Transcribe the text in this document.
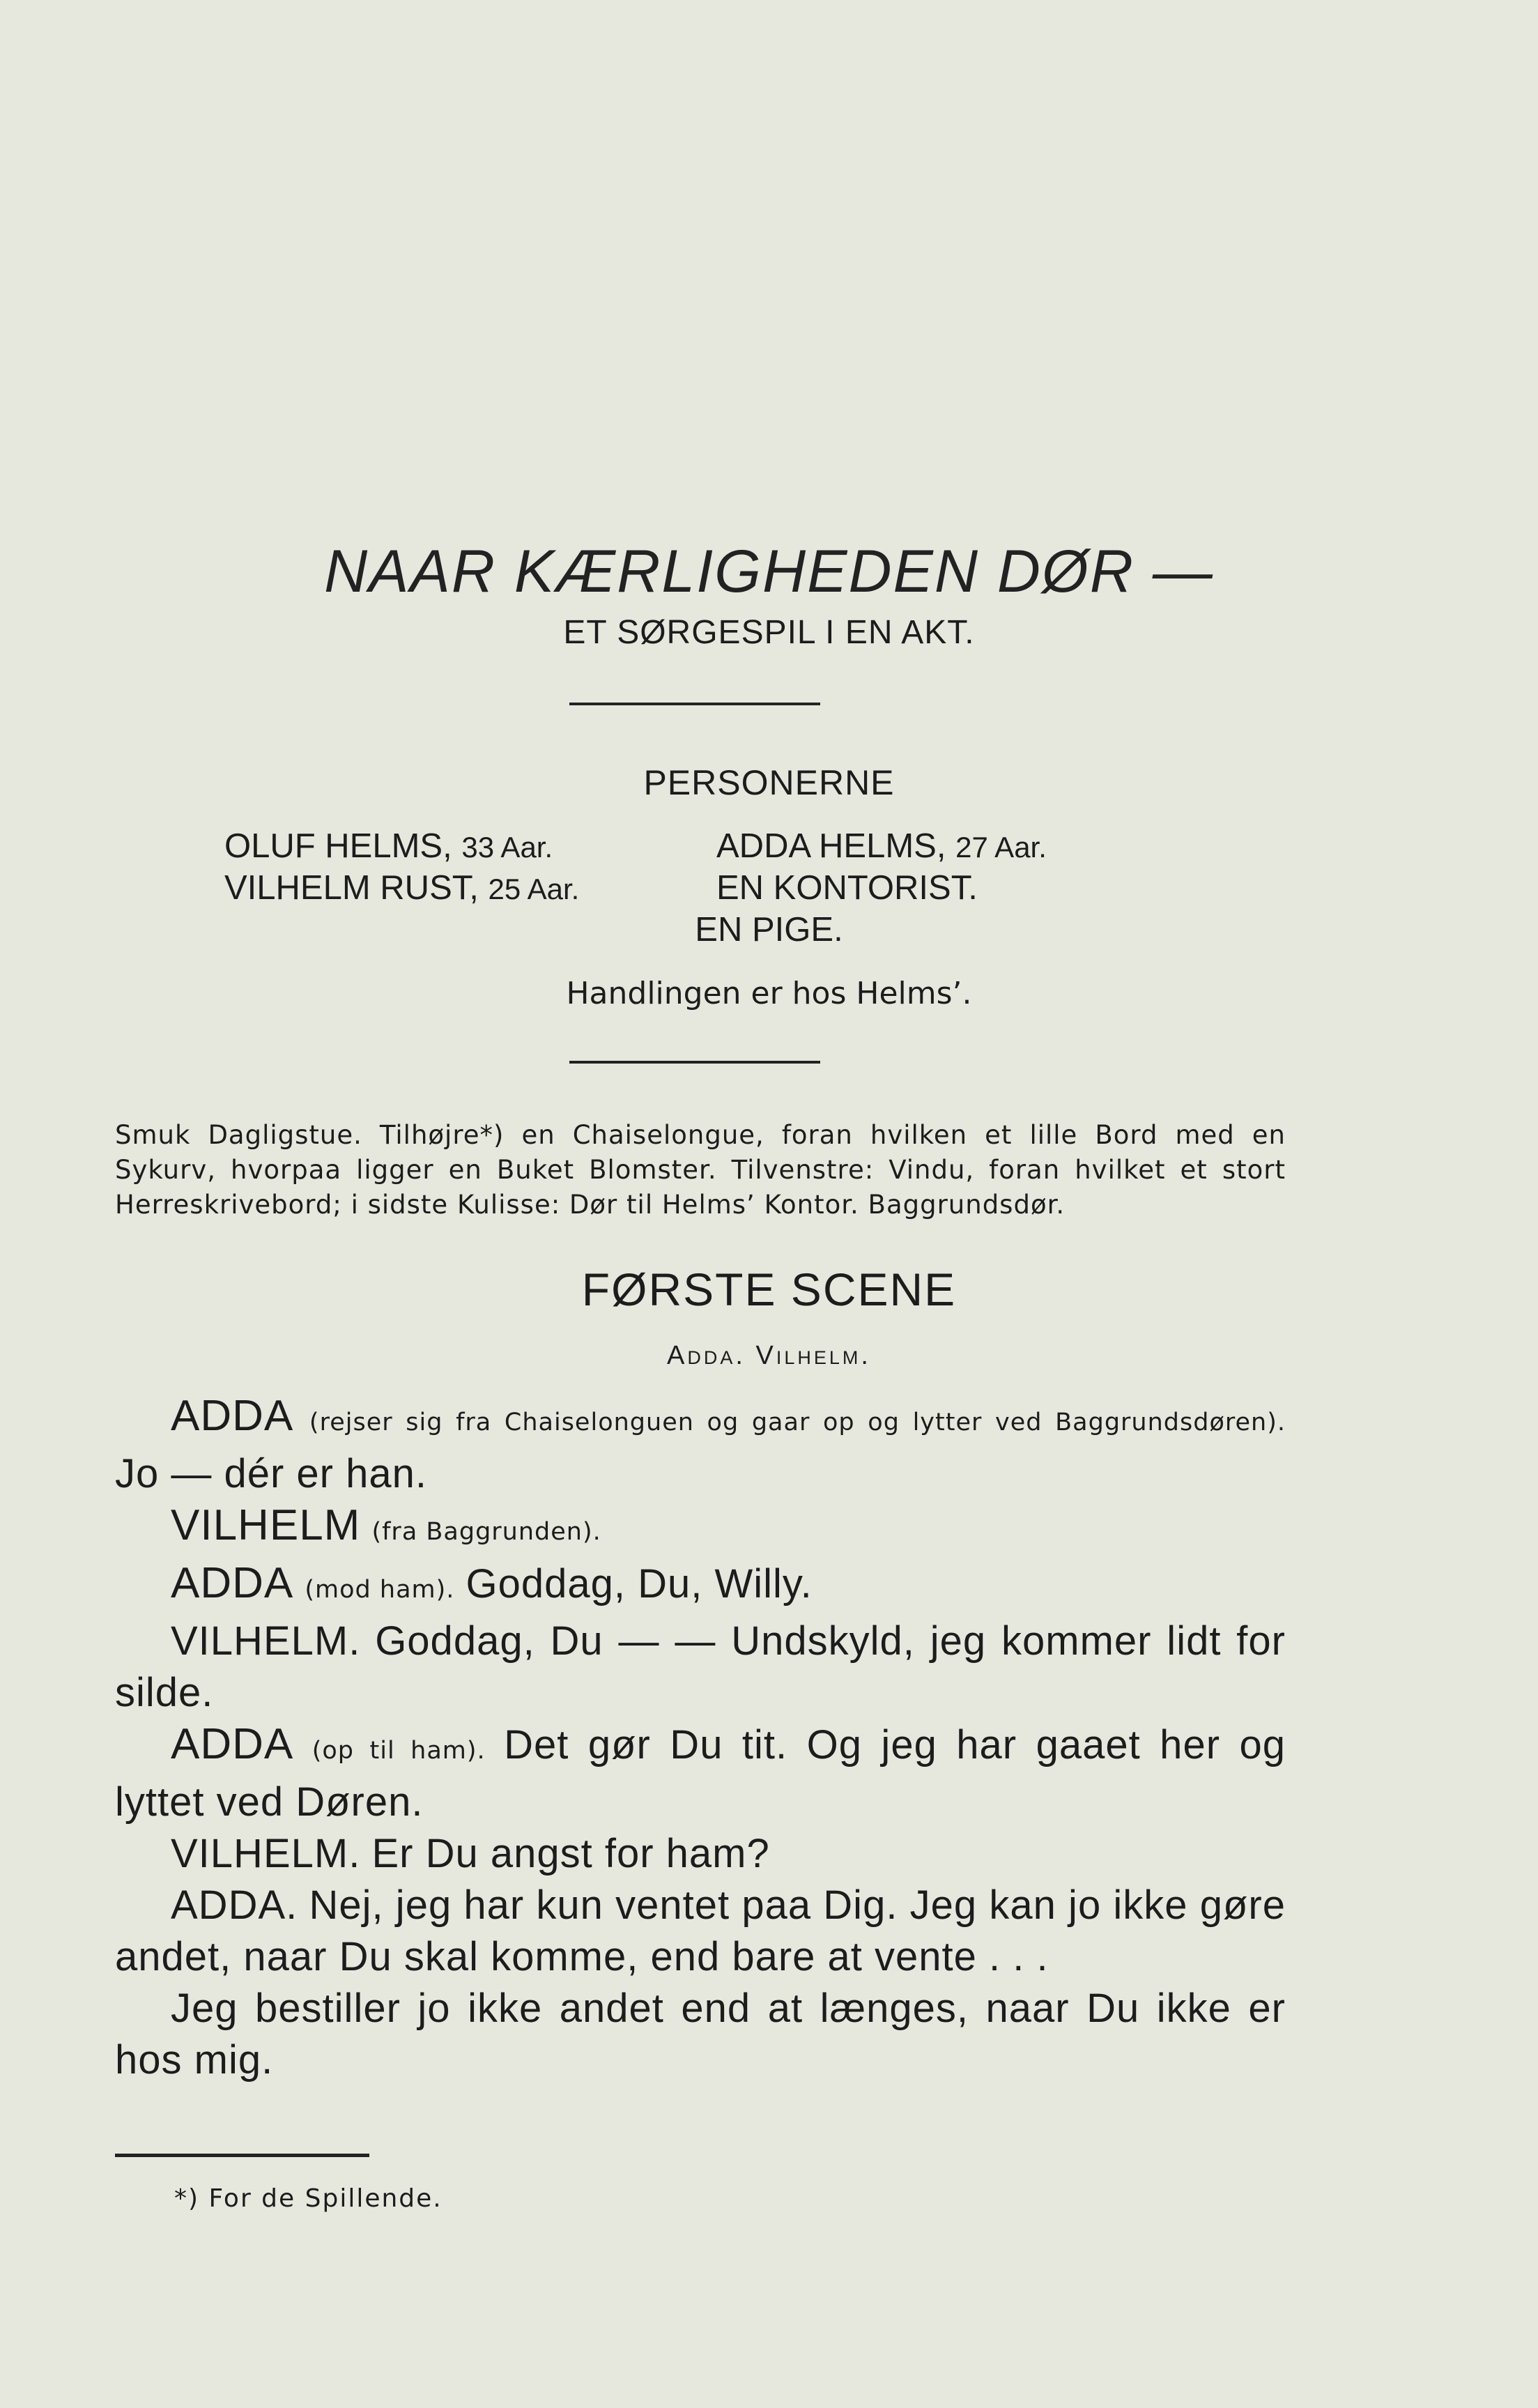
NAAR KÆRLIGHEDEN DØR —
ET SØRGESPIL I EN AKT.
PERSONERNE
OLUF HELMS, 33 Aar.	ADDA HELMS, 27 Aar.
VILHELM RUST, 25 Aar.	EN KONTORIST.
EN PIGE.
Handlingen er hos Helms’.
Smuk Dagligstue. Tilhøjre*) en Chaiselongue, foran hvilken et lille Bord med en Sykurv, hvorpaa ligger en Buket Blomster. Tilvenstre: Vindu, foran hvilket et stort Herreskrivebord; i sidste Kulisse: Dør til Helms’ Kontor. Baggrundsdør.
FØRSTE SCENE
Adda. Vilhelm.

ADDA (rejser sig fra Chaiselonguen og gaar op og lytter ved Baggrundsdøren). Jo — dér er han.

VILHELM (fra Baggrunden).

ADDA (mod ham). Goddag, Du, Willy.

VILHELM. Goddag, Du — — Undskyld, jeg kommer lidt for silde.

ADDA (op til ham). Det gør Du tit. Og jeg har gaaet her og lyttet ved Døren.

VILHELM. Er Du angst for ham?

ADDA. Nej, jeg har kun ventet paa Dig. Jeg kan jo ikke gøre andet, naar Du skal komme, end bare at vente . . .

Jeg bestiller jo ikke andet end at længes, naar Du ikke er hos mig.

*) For de Spillende.
